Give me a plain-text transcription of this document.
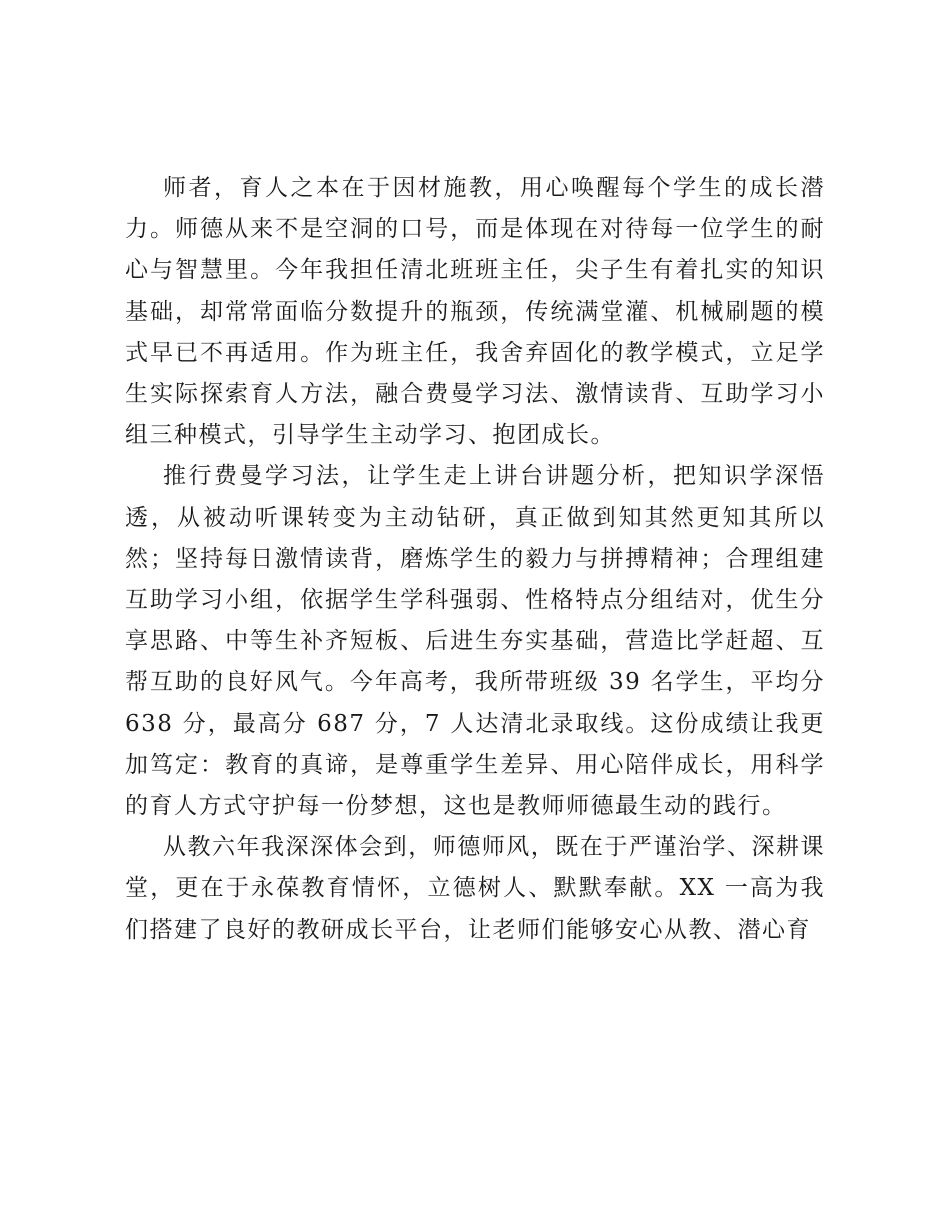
师者，育人之本在于因材施教，用心唤醒每个学生的成长潜力。师德从来不是空洞的口号，而是体现在对待每一位学生的耐心与智慧里。今年我担任清北班班主任，尖子生有着扎实的知识基础，却常常面临分数提升的瓶颈，传统满堂灌、机械刷题的模式早已不再适用。作为班主任，我舍弃固化的教学模式，立足学生实际探索育人方法，融合费曼学习法、激情读背、互助学习小组三种模式，引导学生主动学习、抱团成长。

推行费曼学习法，让学生走上讲台讲题分析，把知识学深悟透，从被动听课转变为主动钻研，真正做到知其然更知其所以然；坚持每日激情读背，磨炼学生的毅力与拼搏精神；合理组建互助学习小组，依据学生学科强弱、性格特点分组结对，优生分享思路、中等生补齐短板、后进生夯实基础，营造比学赶超、互帮互助的良好风气。今年高考，我所带班级 39 名学生，平均分 638 分，最高分 687 分，7 人达清北录取线。这份成绩让我更加笃定：教育的真谛，是尊重学生差异、用心陪伴成长，用科学的育人方式守护每一份梦想，这也是教师师德最生动的践行。

从教六年我深深体会到，师德师风，既在于严谨治学、深耕课堂，更在于永葆教育情怀，立德树人、默默奉献。XX 一高为我们搭建了良好的教研成长平台，让老师们能够安心从教、潜心育
